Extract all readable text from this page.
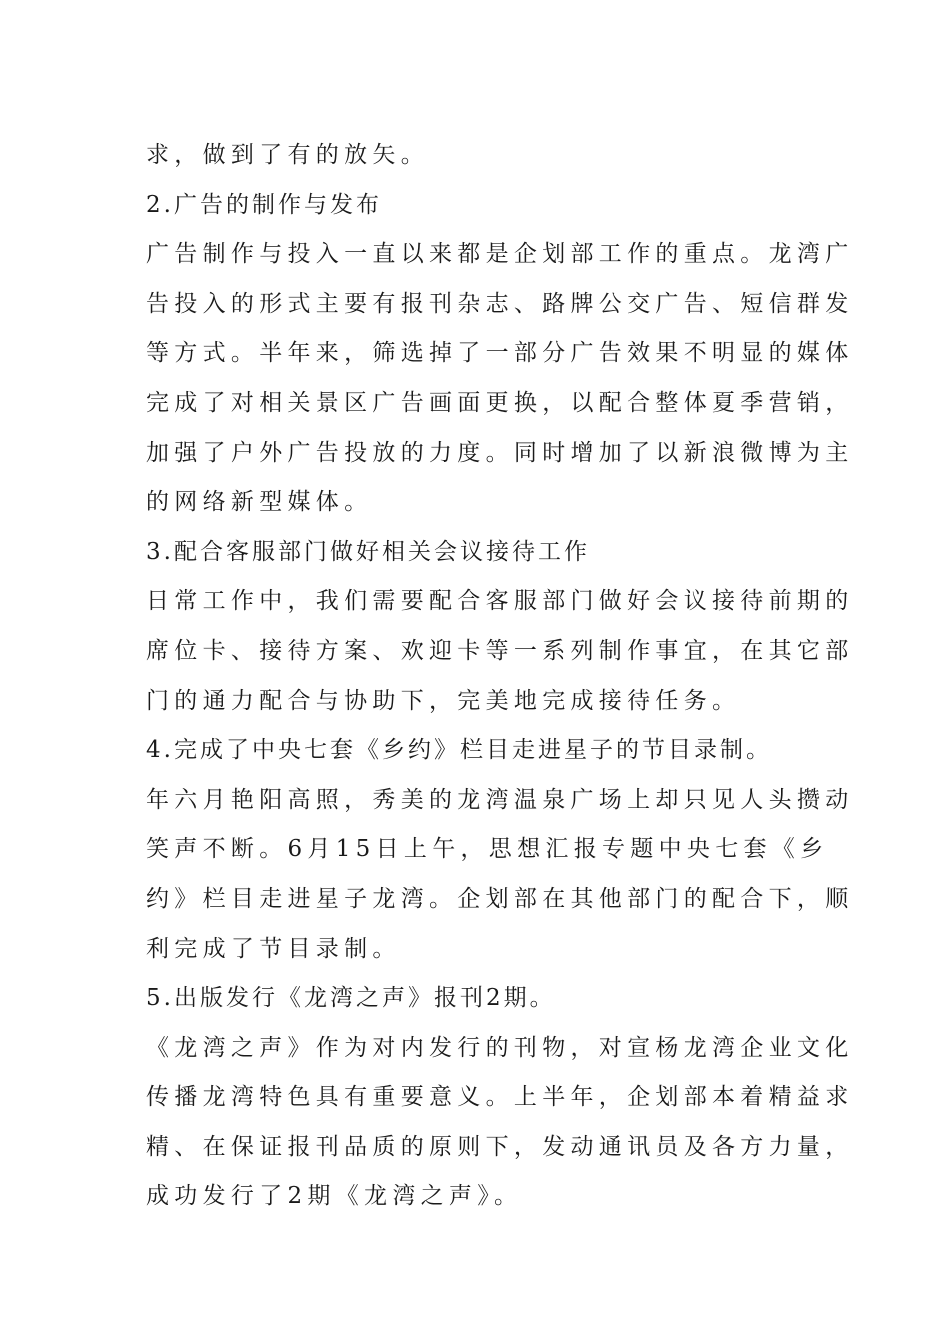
求，做到了有的放矢。
2.广告的制作与发布
广告制作与投入一直以来都是企划部工作的重点。龙湾广
告投入的形式主要有报刊杂志、路牌公交广告、短信群发
等方式。半年来，筛选掉了一部分广告效果不明显的媒体
完成了对相关景区广告画面更换，以配合整体夏季营销，
加强了户外广告投放的力度。同时增加了以新浪微博为主
的网络新型媒体。
3.配合客服部门做好相关会议接待工作
日常工作中，我们需要配合客服部门做好会议接待前期的
席位卡、接待方案、欢迎卡等一系列制作事宜，在其它部
门的通力配合与协助下，完美地完成接待任务。
4.完成了中央七套《乡约》栏目走进星子的节目录制。
年六月艳阳高照，秀美的龙湾温泉广场上却只见人头攒动
笑声不断。6月15日上午，思想汇报专题中央七套《乡
约》栏目走进星子龙湾。企划部在其他部门的配合下，顺
利完成了节目录制。
5.出版发行《龙湾之声》报刊2期。
《龙湾之声》作为对内发行的刊物，对宣杨龙湾企业文化
传播龙湾特色具有重要意义。上半年，企划部本着精益求
精、在保证报刊品质的原则下，发动通讯员及各方力量，
成功发行了2期《龙湾之声》。
